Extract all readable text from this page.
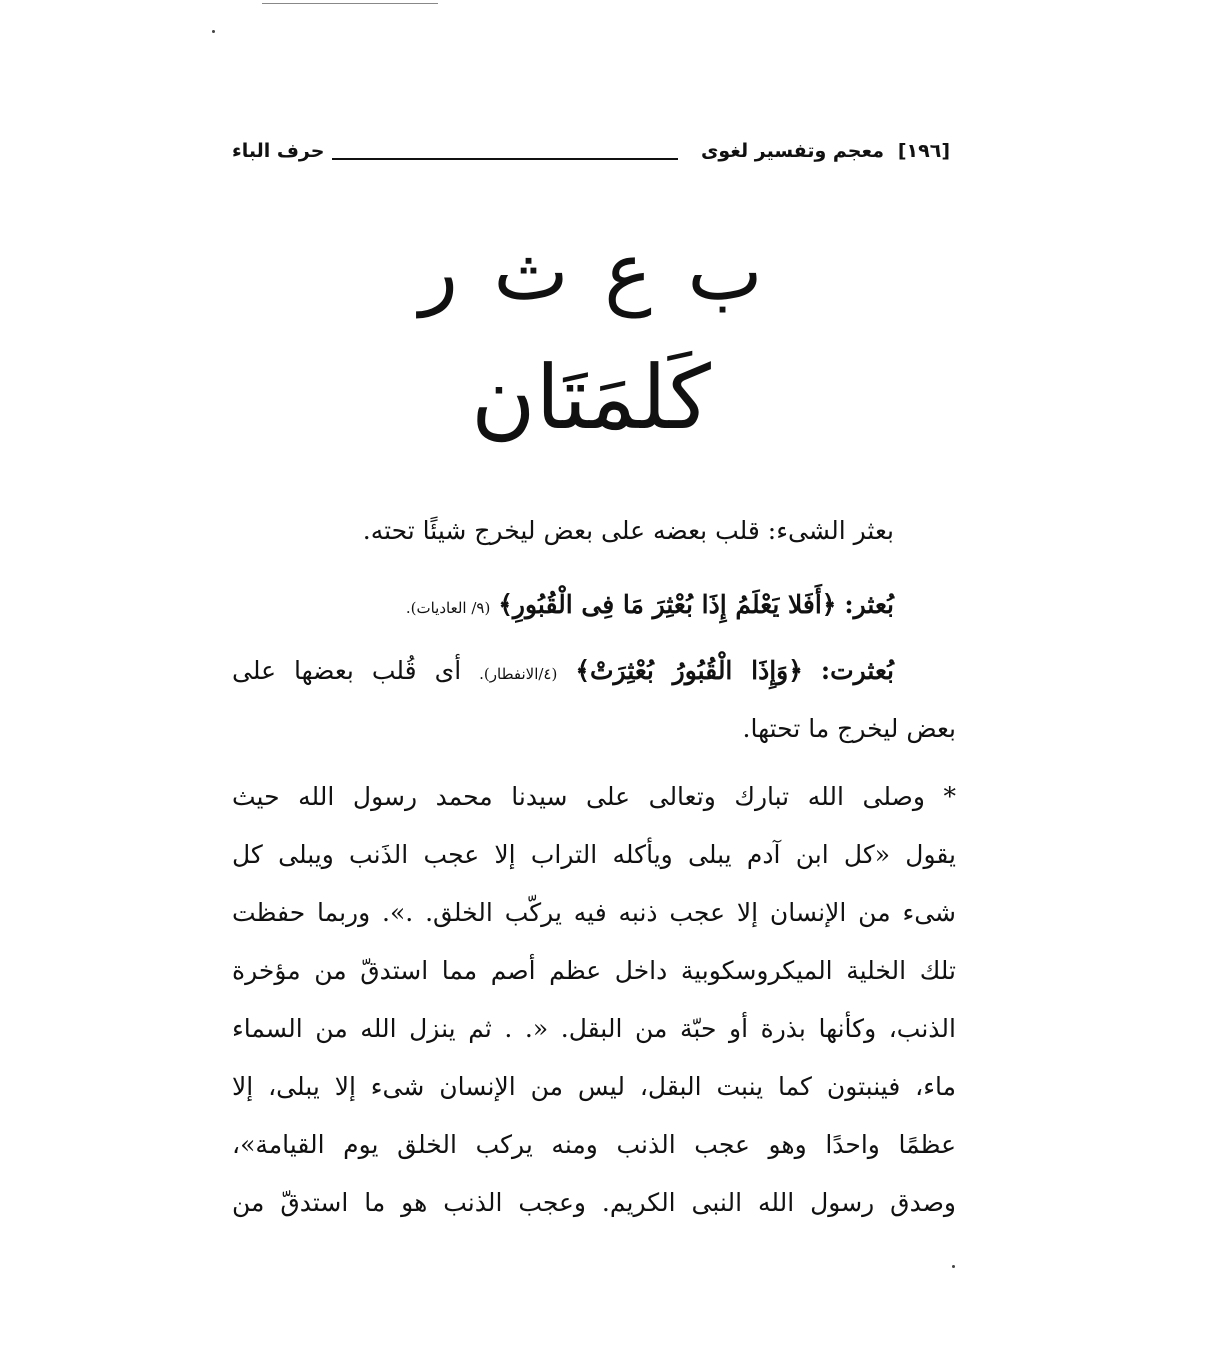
حرف الباء	معجم وتفسير لغوى [١٩٦]
ب ع ث ر
كَلمَتَان
بعثر الشىء: قلب بعضه على بعض ليخرج شيئًا تحته.
بُعثر: ﴿أَفَلا يَعْلَمُ إِذَا بُعْثِرَ مَا فِى الْقُبُورِ﴾ (٩/ العاديات).
بُعثرت: ﴿وَإِذَا الْقُبُورُ بُعْثِرَتْ﴾ (٤/الانفطار). أى قُلب بعضها على
بعض ليخرج ما تحتها.
* وصلى الله تبارك وتعالى على سيدنا محمد رسول الله حيث
يقول «كل ابن آدم يبلى ويأكله التراب إلا عجب الذَنب ويبلى كل
شىء من الإنسان إلا عجب ذنبه فيه يركّب الخلق. .». وربما حفظت
تلك الخلية الميكروسكوبية داخل عظم أصم مما استدقّ من مؤخرة
الذنب، وكأنها بذرة أو حبّة من البقل. «. . ثم ينزل الله من السماء
ماء، فينبتون كما ينبت البقل، ليس من الإنسان شىء إلا يبلى، إلا
عظمًا واحدًا وهو عجب الذنب ومنه يركب الخلق يوم القيامة»،
وصدق رسول الله النبى الكريم. وعجب الذنب هو ما استدقّ من
